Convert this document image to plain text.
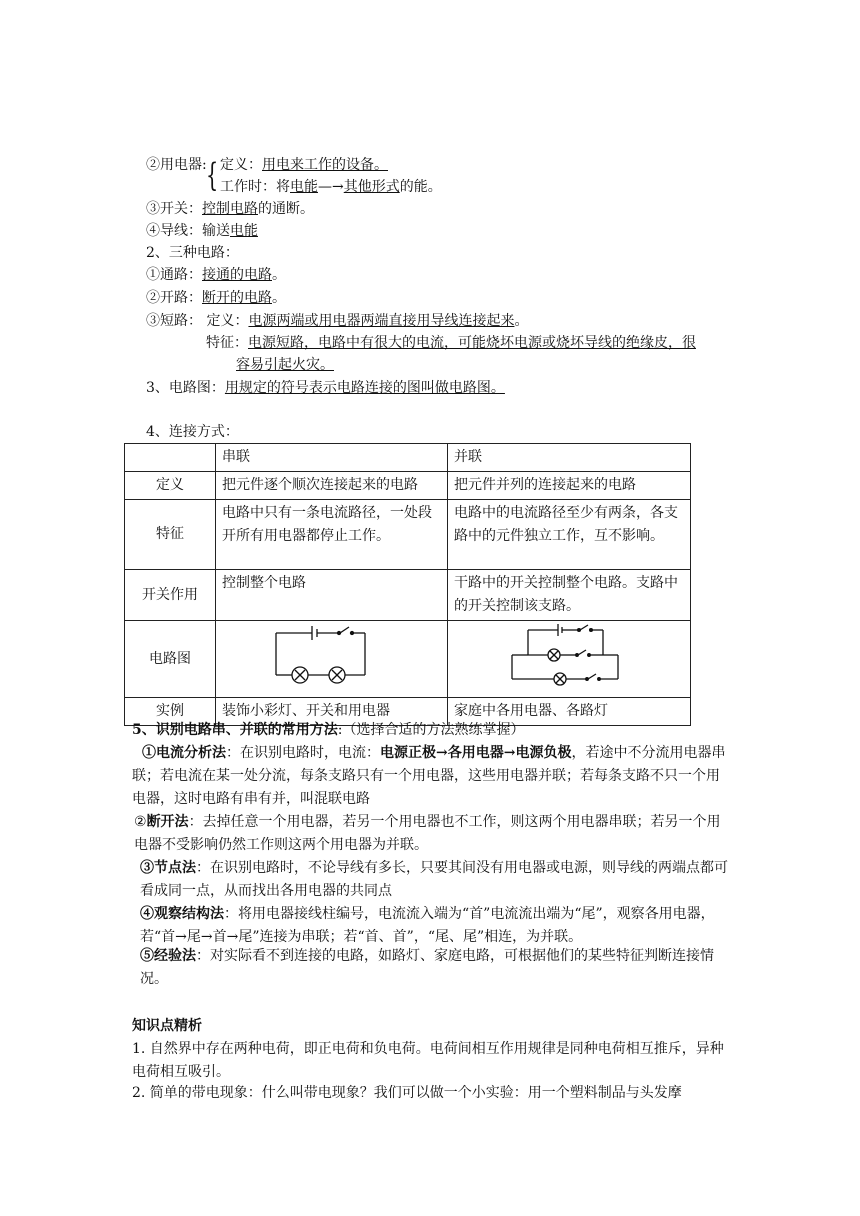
②用电器: { 定义：用电来工作的设备。
工作时：将电能—→其他形式的能。
③开关：控制电路的通断。
④导线：输送电能
2、三种电路：
①通路：接通的电路。
②开路：断开的电路。
③短路： 定义：电源两端或用电器两端直接用导线连接起来。
特征：电源短路，电路中有很大的电流，可能烧坏电源或烧坏导线的绝缘皮，很
容易引起火灾。
3、电路图：用规定的符号表示电路连接的图叫做电路图。
4、连接方式：
	串联	并联
定义	把元件逐个顺次连接起来的电路	把元件并列的连接起来的电路
特征	电路中只有一条电流路径，一处段开所有用电器都停止工作。	电路中的电流路径至少有两条，各支路中的元件独立工作，互不影响。
开关作用	控制整个电路	干路中的开关控制整个电路。支路中的开关控制该支路。
电路图		
实例	装饰小彩灯、开关和用电器	家庭中各用电器、各路灯
5、识别电路串、并联的常用方法:（选择合适的方法熟练掌握）
①电流分析法：在识别电路时，电流：电源正极→各用电器→电源负极，若途中不分流用电器串联；若电流在某一处分流，每条支路只有一个用电器，这些用电器并联；若每条支路不只一个用电器，这时电路有串有并，叫混联电路
②断开法：去掉任意一个用电器，若另一个用电器也不工作，则这两个用电器串联；若另一个用电器不受影响仍然工作则这两个用电器为并联。
③节点法：在识别电路时，不论导线有多长，只要其间没有用电器或电源，则导线的两端点都可看成同一点，从而找出各用电器的共同点
④观察结构法：将用电器接线柱编号，电流流入端为“首”电流流出端为“尾”，观察各用电器，若“首→尾→首→尾”连接为串联；若“首、首”，“尾、尾”相连，为并联。
⑤经验法：对实际看不到连接的电路，如路灯、家庭电路，可根据他们的某些特征判断连接情况。
知识点精析
1. 自然界中存在两种电荷，即正电荷和负电荷。电荷间相互作用规律是同种电荷相互推斥，异种电荷相互吸引。
2. 简单的带电现象：什么叫带电现象？我们可以做一个小实验：用一个塑料制品与头发摩
